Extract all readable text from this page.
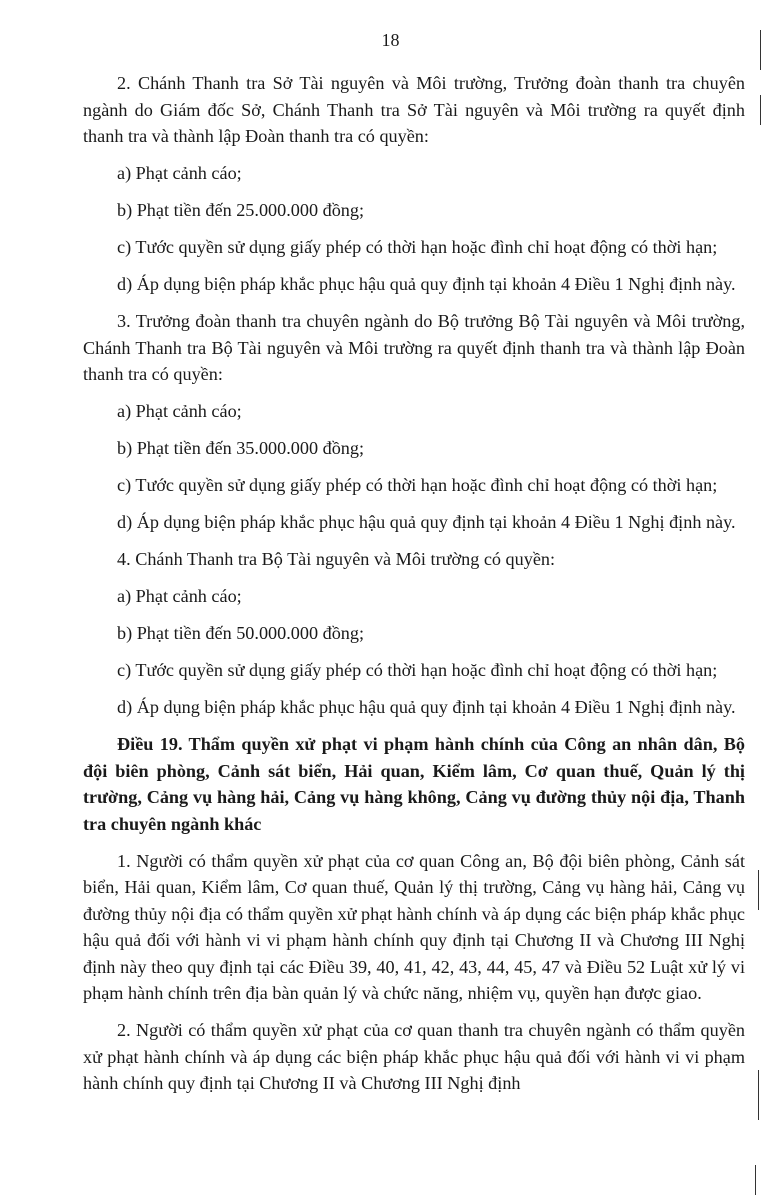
18

2. Chánh Thanh tra Sở Tài nguyên và Môi trường, Trưởng đoàn thanh tra chuyên ngành do Giám đốc Sở, Chánh Thanh tra Sở Tài nguyên và Môi trường ra quyết định thanh tra và thành lập Đoàn thanh tra có quyền:

a) Phạt cảnh cáo;

b) Phạt tiền đến 25.000.000 đồng;

c) Tước quyền sử dụng giấy phép có thời hạn hoặc đình chỉ hoạt động có thời hạn;

d) Áp dụng biện pháp khắc phục hậu quả quy định tại khoản 4 Điều 1 Nghị định này.

3. Trưởng đoàn thanh tra chuyên ngành do Bộ trưởng Bộ Tài nguyên và Môi trường, Chánh Thanh tra Bộ Tài nguyên và Môi trường ra quyết định thanh tra và thành lập Đoàn thanh tra có quyền:

a) Phạt cảnh cáo;

b) Phạt tiền đến 35.000.000 đồng;

c) Tước quyền sử dụng giấy phép có thời hạn hoặc đình chỉ hoạt động có thời hạn;

d) Áp dụng biện pháp khắc phục hậu quả quy định tại khoản 4 Điều 1 Nghị định này.

4. Chánh Thanh tra Bộ Tài nguyên và Môi trường có quyền:

a) Phạt cảnh cáo;

b) Phạt tiền đến 50.000.000 đồng;

c) Tước quyền sử dụng giấy phép có thời hạn hoặc đình chỉ hoạt động có thời hạn;

d) Áp dụng biện pháp khắc phục hậu quả quy định tại khoản 4 Điều 1 Nghị định này.

Điều 19. Thẩm quyền xử phạt vi phạm hành chính của Công an nhân dân, Bộ đội biên phòng, Cảnh sát biển, Hải quan, Kiểm lâm, Cơ quan thuế, Quản lý thị trường, Cảng vụ hàng hải, Cảng vụ hàng không, Cảng vụ đường thủy nội địa, Thanh tra chuyên ngành khác

1. Người có thẩm quyền xử phạt của cơ quan Công an, Bộ đội biên phòng, Cảnh sát biển, Hải quan, Kiểm lâm, Cơ quan thuế, Quản lý thị trường, Cảng vụ hàng hải, Cảng vụ đường thủy nội địa có thẩm quyền xử phạt hành chính và áp dụng các biện pháp khắc phục hậu quả đối với hành vi vi phạm hành chính quy định tại Chương II và Chương III Nghị định này theo quy định tại các Điều 39, 40, 41, 42, 43, 44, 45, 47 và Điều 52 Luật xử lý vi phạm hành chính trên địa bàn quản lý và chức năng, nhiệm vụ, quyền hạn được giao.

2. Người có thẩm quyền xử phạt của cơ quan thanh tra chuyên ngành có thẩm quyền xử phạt hành chính và áp dụng các biện pháp khắc phục hậu quả đối với hành vi vi phạm hành chính quy định tại Chương II và Chương III Nghị định
